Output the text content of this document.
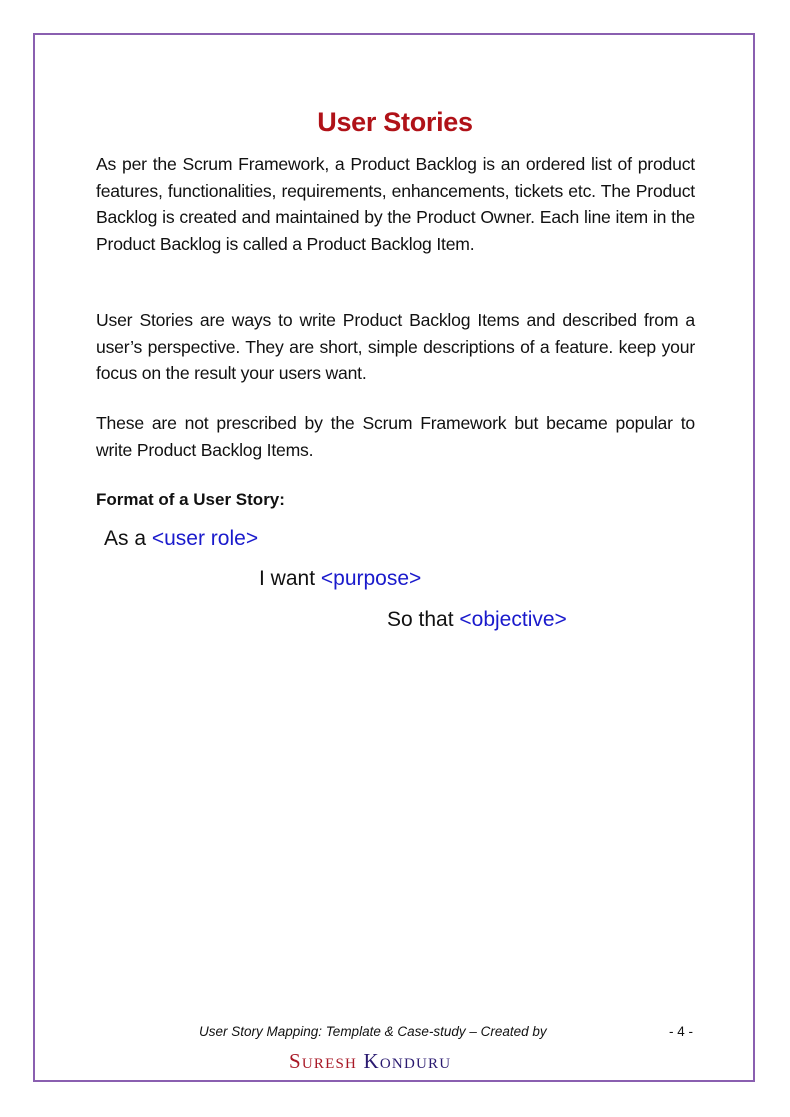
User Stories
As per the Scrum Framework, a Product Backlog is an ordered list of product features, functionalities, requirements, enhancements, tickets etc. The Product Backlog is created and maintained by the Product Owner. Each line item in the Product Backlog is called a Product Backlog Item.
User Stories are ways to write Product Backlog Items and described from a user’s perspective. They are short, simple descriptions of a feature. keep your focus on the result your users want.
These are not prescribed by the Scrum Framework but became popular to write Product Backlog Items.
Format of a User Story:
As a <user role>
I want <purpose>
So that <objective>
User Story Mapping: Template & Case-study – Created by	- 4 -
Suresh Konduru
